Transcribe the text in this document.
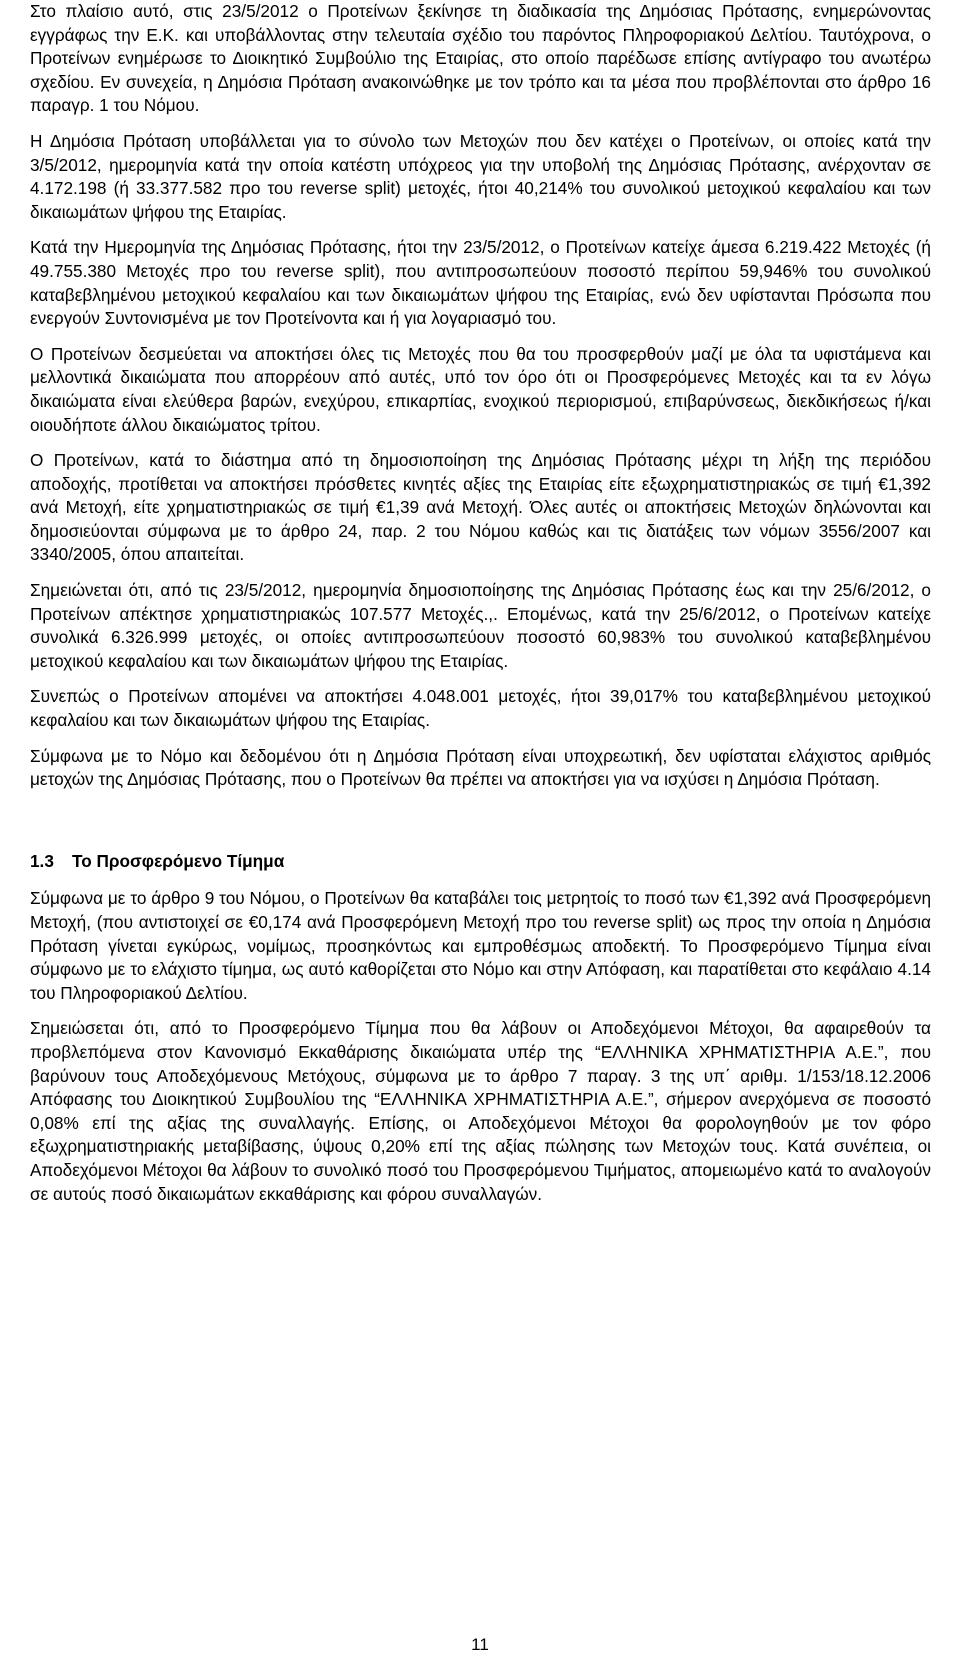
Στο πλαίσιο αυτό, στις 23/5/2012 ο Προτείνων ξεκίνησε τη διαδικασία της Δημόσιας Πρότασης, ενημερώνοντας εγγράφως την Ε.Κ. και υποβάλλοντας στην τελευταία σχέδιο του παρόντος Πληροφοριακού Δελτίου. Ταυτόχρονα, ο Προτείνων ενημέρωσε το Διοικητικό Συμβούλιο της Εταιρίας, στο οποίο παρέδωσε επίσης αντίγραφο του ανωτέρω σχεδίου. Εν συνεχεία, η Δημόσια Πρόταση ανακοινώθηκε με τον τρόπο και τα μέσα που προβλέπονται στο άρθρο 16 παραγρ. 1 του Νόμου.

Η Δημόσια Πρόταση υποβάλλεται για το σύνολο των Μετοχών που δεν κατέχει ο Προτείνων, οι οποίες κατά την 3/5/2012, ημερομηνία κατά την οποία κατέστη υπόχρεος για την υποβολή της Δημόσιας Πρότασης, ανέρχονταν σε 4.172.198 (ή 33.377.582 προ του reverse split) μετοχές, ήτοι 40,214% του συνολικού μετοχικού κεφαλαίου και των δικαιωμάτων ψήφου της Εταιρίας.

Κατά την Ημερομηνία της Δημόσιας Πρότασης, ήτοι την 23/5/2012, ο Προτείνων κατείχε άμεσα 6.219.422 Μετοχές (ή 49.755.380 Μετοχές προ του reverse split), που αντιπροσωπεύουν ποσοστό περίπου 59,946% του συνολικού καταβεβλημένου μετοχικού κεφαλαίου και των δικαιωμάτων ψήφου της Εταιρίας, ενώ δεν υφίστανται Πρόσωπα που ενεργούν Συντονισμένα με τον Προτείνοντα και ή για λογαριασμό του.

Ο Προτείνων δεσμεύεται να αποκτήσει όλες τις Μετοχές που θα του προσφερθούν μαζί με όλα τα υφιστάμενα και μελλοντικά δικαιώματα που απορρέουν από αυτές, υπό τον όρο ότι οι Προσφερόμενες Μετοχές και τα εν λόγω δικαιώματα είναι ελεύθερα βαρών, ενεχύρου, επικαρπίας, ενοχικού περιορισμού, επιβαρύνσεως, διεκδικήσεως ή/και οιουδήποτε άλλου δικαιώματος τρίτου.

Ο Προτείνων, κατά το διάστημα από τη δημοσιοποίηση της Δημόσιας Πρότασης μέχρι τη λήξη της περιόδου αποδοχής, προτίθεται να αποκτήσει πρόσθετες κινητές αξίες της Εταιρίας είτε εξωχρηματιστηριακώς σε τιμή €1,392 ανά Μετοχή, είτε χρηματιστηριακώς σε τιμή €1,39 ανά Μετοχή. Όλες αυτές οι αποκτήσεις Μετοχών δηλώνονται και δημοσιεύονται σύμφωνα με το άρθρο 24, παρ. 2 του Νόμου καθώς και τις διατάξεις των νόμων 3556/2007 και 3340/2005, όπου απαιτείται.

Σημειώνεται ότι, από τις 23/5/2012, ημερομηνία δημοσιοποίησης της Δημόσιας Πρότασης έως και την 25/6/2012, ο Προτείνων απέκτησε χρηματιστηριακώς 107.577 Μετοχές.,. Επομένως, κατά την 25/6/2012, ο Προτείνων κατείχε συνολικά 6.326.999 μετοχές, οι οποίες αντιπροσωπεύουν ποσοστό 60,983% του συνολικού καταβεβλημένου μετοχικού κεφαλαίου και των δικαιωμάτων ψήφου της Εταιρίας.

Συνεπώς ο Προτείνων απομένει να αποκτήσει 4.048.001 μετοχές, ήτοι 39,017% του καταβεβλημένου μετοχικού κεφαλαίου και των δικαιωμάτων ψήφου της Εταιρίας.

Σύμφωνα με το Νόμο και δεδομένου ότι η Δημόσια Πρόταση είναι υποχρεωτική, δεν υφίσταται ελάχιστος αριθμός μετοχών της Δημόσιας Πρότασης, που ο Προτείνων θα πρέπει να αποκτήσει για να ισχύσει η Δημόσια Πρόταση.

1.3 Το Προσφερόμενο Τίμημα

Σύμφωνα με το άρθρο 9 του Νόμου, ο Προτείνων θα καταβάλει τοις μετρητοίς το ποσό των €1,392 ανά Προσφερόμενη Μετοχή, (που αντιστοιχεί σε €0,174 ανά Προσφερόμενη Μετοχή προ του reverse split) ως προς την οποία η Δημόσια Πρόταση γίνεται εγκύρως, νομίμως, προσηκόντως και εμπροθέσμως αποδεκτή. Το Προσφερόμενο Τίμημα είναι σύμφωνο με το ελάχιστο τίμημα, ως αυτό καθορίζεται στο Νόμο και στην Απόφαση, και παρατίθεται στο κεφάλαιο 4.14 του Πληροφοριακού Δελτίου.

Σημειώσεται ότι, από το Προσφερόμενο Τίμημα που θα λάβουν οι Αποδεχόμενοι Μέτοχοι, θα αφαιρεθούν τα προβλεπόμενα στον Κανονισμό Εκκαθάρισης δικαιώματα υπέρ της “ΕΛΛΗΝΙΚΑ ΧΡΗΜΑΤΙΣΤΗΡΙΑ Α.Ε.”, που βαρύνουν τους Αποδεχόμενους Μετόχους, σύμφωνα με το άρθρο 7 παραγ. 3 της υπ΄ αριθμ. 1/153/18.12.2006 Απόφασης του Διοικητικού Συμβουλίου της “ΕΛΛΗΝΙΚΑ ΧΡΗΜΑΤΙΣΤΗΡΙΑ Α.Ε.”, σήμερον ανερχόμενα σε ποσοστό 0,08% επί της αξίας της συναλλαγής. Επίσης, οι Αποδεχόμενοι Μέτοχοι θα φορολογηθούν με τον φόρο εξωχρηματιστηριακής μεταβίβασης, ύψους 0,20% επί της αξίας πώλησης των Μετοχών τους. Κατά συνέπεια, οι Αποδεχόμενοι Μέτοχοι θα λάβουν το συνολικό ποσό του Προσφερόμενου Τιμήματος, απομειωμένο κατά το αναλογούν σε αυτούς ποσό δικαιωμάτων εκκαθάρισης και φόρου συναλλαγών.

11
